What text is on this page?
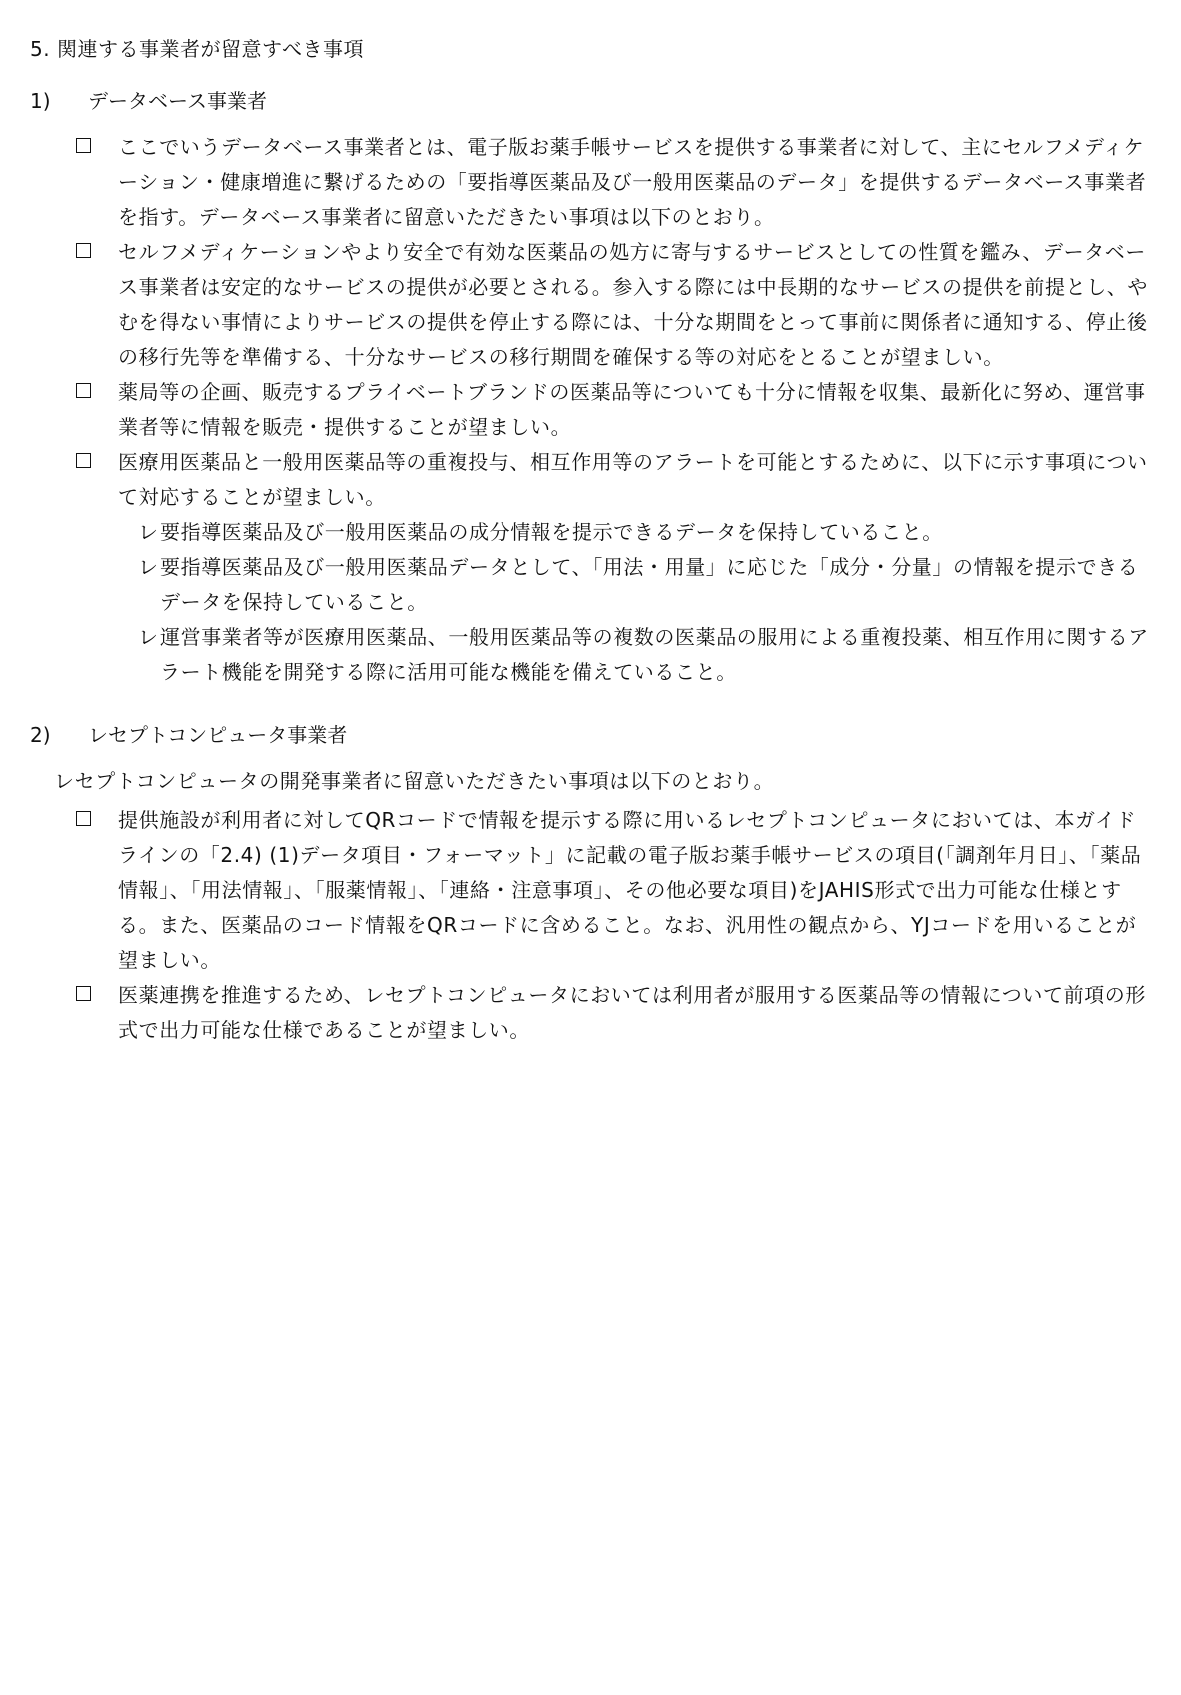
5. 関連する事業者が留意すべき事項
1)	データベース事業者
ここでいうデータベース事業者とは、電子版お薬手帳サービスを提供する事業者に対して、主にセルフメディケーション・健康増進に繋げるための「要指導医薬品及び一般用医薬品のデータ」を提供するデータベース事業者を指す。データベース事業者に留意いただきたい事項は以下のとおり。
セルフメディケーションやより安全で有効な医薬品の処方に寄与するサービスとしての性質を鑑み、データベース事業者は安定的なサービスの提供が必要とされる。参入する際には中長期的なサービスの提供を前提とし、やむを得ない事情によりサービスの提供を停止する際には、十分な期間をとって事前に関係者に通知する、停止後の移行先等を準備する、十分なサービスの移行期間を確保する等の対応をとることが望ましい。
薬局等の企画、販売するプライベートブランドの医薬品等についても十分に情報を収集、最新化に努め、運営事業者等に情報を販売・提供することが望ましい。
医療用医薬品と一般用医薬品等の重複投与、相互作用等のアラートを可能とするために、以下に示す事項について対応することが望ましい。
レ 要指導医薬品及び一般用医薬品の成分情報を提示できるデータを保持していること。
レ 要指導医薬品及び一般用医薬品データとして、「用法・用量」に応じた「成分・分量」の情報を提示できるデータを保持していること。
レ 運営事業者等が医療用医薬品、一般用医薬品等の複数の医薬品の服用による重複投薬、相互作用に関するアラート機能を開発する際に活用可能な機能を備えていること。
2)	レセプトコンピュータ事業者
レセプトコンピュータの開発事業者に留意いただきたい事項は以下のとおり。
提供施設が利用者に対してQRコードで情報を提示する際に用いるレセプトコンピュータにおいては、本ガイドラインの「2.4) (1)データ項目・フォーマット」に記載の電子版お薬手帳サービスの項目(「調剤年月日」、「薬品情報」、「用法情報」、「服薬情報」、「連絡・注意事項」、その他必要な項目)をJAHIS形式で出力可能な仕様とする。また、医薬品のコード情報をQRコードに含めること。なお、汎用性の観点から、YJコードを用いることが望ましい。
医薬連携を推進するため、レセプトコンピュータにおいては利用者が服用する医薬品等の情報について前項の形式で出力可能な仕様であることが望ましい。
